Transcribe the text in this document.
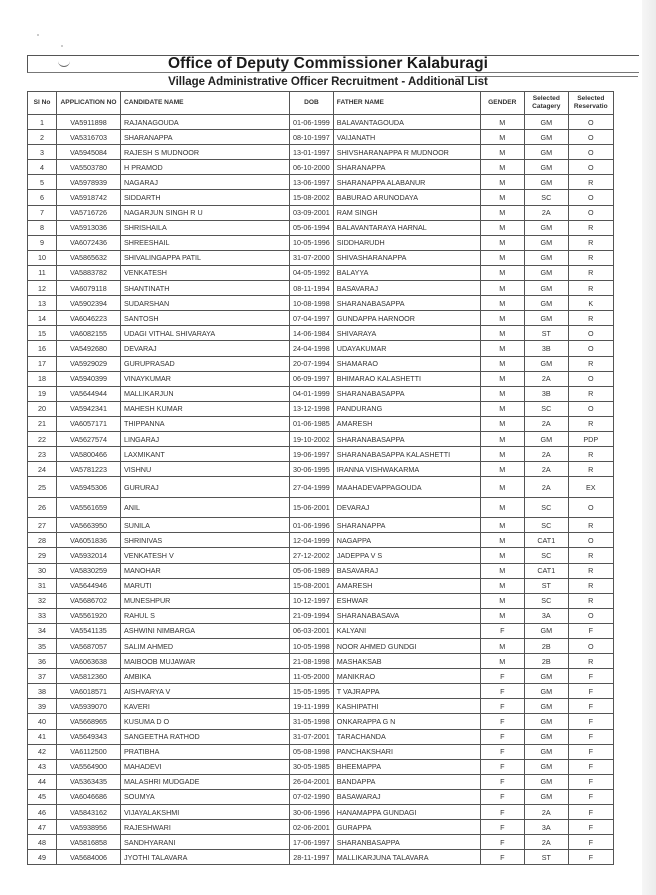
Office of Deputy Commissioner Kalaburagi
Village Administrative Officer Recruitment - Additional List
Sl No	APPLICATION NO	CANDIDATE NAME	DOB	FATHER NAME	GENDER	Selected Catagery	Selected Reservatio
1	VA5911898	RAJANAGOUDA	01-06-1999	BALAVANTAGOUDA	M	GM	O
2	VA5316703	SHARANAPPA	08-10-1997	VAIJANATH	M	GM	O
3	VA5945084	RAJESH S MUDNOOR	13-01-1997	SHIVSHARANAPPA R MUDNOOR	M	GM	O
4	VA5503780	H PRAMOD	06-10-2000	SHARANAPPA	M	GM	O
5	VA5978939	NAGARAJ	13-06-1997	SHARANAPPA ALABANUR	M	GM	R
6	VA5918742	SIDDARTH	15-08-2002	BABURAO ARUNODAYA	M	SC	O
7	VA5716726	NAGARJUN SINGH R U	03-09-2001	RAM SINGH	M	2A	O
8	VA5913036	SHRISHAILA	05-06-1994	BALAVANTARAYA HARNAL	M	GM	R
9	VA6072436	SHREESHAIL	10-05-1996	SIDDHARUDH	M	GM	R
10	VA5865632	SHIVALINGAPPA PATIL	31-07-2000	SHIVASHARANAPPA	M	GM	R
11	VA5883782	VENKATESH	04-05-1992	BALAYYA	M	GM	R
12	VA6079118	SHANTINATH	08-11-1994	BASAVARAJ	M	GM	R
13	VA5902394	SUDARSHAN	10-08-1998	SHARANABASAPPA	M	GM	K
14	VA6046223	SANTOSH	07-04-1997	GUNDAPPA HARNOOR	M	GM	R
15	VA6082155	UDAGI VITHAL SHIVARAYA	14-06-1984	SHIVARAYA	M	ST	O
16	VA5492680	DEVARAJ	24-04-1998	UDAYAKUMAR	M	3B	O
17	VA5929029	GURUPRASAD	20-07-1994	SHAMARAO	M	GM	R
18	VA5940399	VINAYKUMAR	06-09-1997	BHIMARAO KALASHETTI	M	2A	O
19	VA5644944	MALLIKARJUN	04-01-1999	SHARANABASAPPA	M	3B	R
20	VA5942341	MAHESH KUMAR	13-12-1998	PANDURANG	M	SC	O
21	VA6057171	THIPPANNA	01-06-1985	AMARESH	M	2A	R
22	VA5627574	LINGARAJ	19-10-2002	SHARANABASAPPA	M	GM	PDP
23	VA5800466	LAXMIKANT	19-06-1997	SHARANABASAPPA KALASHETTI	M	2A	R
24	VA5781223	VISHNU	30-06-1995	IRANNA VISHWAKARMA	M	2A	R
25	VA5945306	GURURAJ	27-04-1999	MAAHADEVAPPAGOUDA	M	2A	EX
26	VA5561659	ANIL	15-06-2001	DEVARAJ	M	SC	O
27	VA5663950	SUNILA	01-06-1996	SHARANAPPA	M	SC	R
28	VA6051836	SHRINIVAS	12-04-1999	NAGAPPA	M	CAT1	O
29	VA5932014	VENKATESH V	27-12-2002	JADEPPA V S	M	SC	R
30	VA5830259	MANOHAR	05-06-1989	BASAVARAJ	M	CAT1	R
31	VA5644946	MARUTI	15-08-2001	AMARESH	M	ST	R
32	VA5686702	MUNESHPUR	10-12-1997	ESHWAR	M	SC	R
33	VA5561920	RAHUL S	21-09-1994	SHARANABASAVA	M	3A	O
34	VA5541135	ASHWINI NIMBARGA	06-03-2001	KALYANI	F	GM	F
35	VA5687057	SALIM AHMED	10-05-1998	NOOR AHMED GUNDGI	M	2B	O
36	VA6063638	MAIBOOB MUJAWAR	21-08-1998	MASHAKSAB	M	2B	R
37	VA5812360	AMBIKA	11-05-2000	MANIKRAO	F	GM	F
38	VA6018571	AISHVARYA V	15-05-1995	T VAJRAPPA	F	GM	F
39	VA5939070	KAVERI	19-11-1999	KASHIPATHI	F	GM	F
40	VA5668965	KUSUMA D O	31-05-1998	ONKARAPPA G N	F	GM	F
41	VA5649343	SANGEETHA RATHOD	31-07-2001	TARACHANDA	F	GM	F
42	VA6112500	PRATIBHA	05-08-1998	PANCHAKSHARI	F	GM	F
43	VA5564900	MAHADEVI	30-05-1985	BHEEMAPPA	F	GM	F
44	VA5363435	MALASHRI MUDGADE	26-04-2001	BANDAPPA	F	GM	F
45	VA6046686	SOUMYA	07-02-1990	BASAWARAJ	F	GM	F
46	VA5843162	VIJAYALAKSHMI	30-06-1996	HANAMAPPA GUNDAGI	F	2A	F
47	VA5938956	RAJESHWARI	02-06-2001	GURAPPA	F	3A	F
48	VA5816858	SANDHYARANI	17-06-1997	SHARANBASAPPA	F	2A	F
49	VA5684006	JYOTHI TALAVARA	28-11-1997	MALLIKARJUNA TALAVARA	F	ST	F
